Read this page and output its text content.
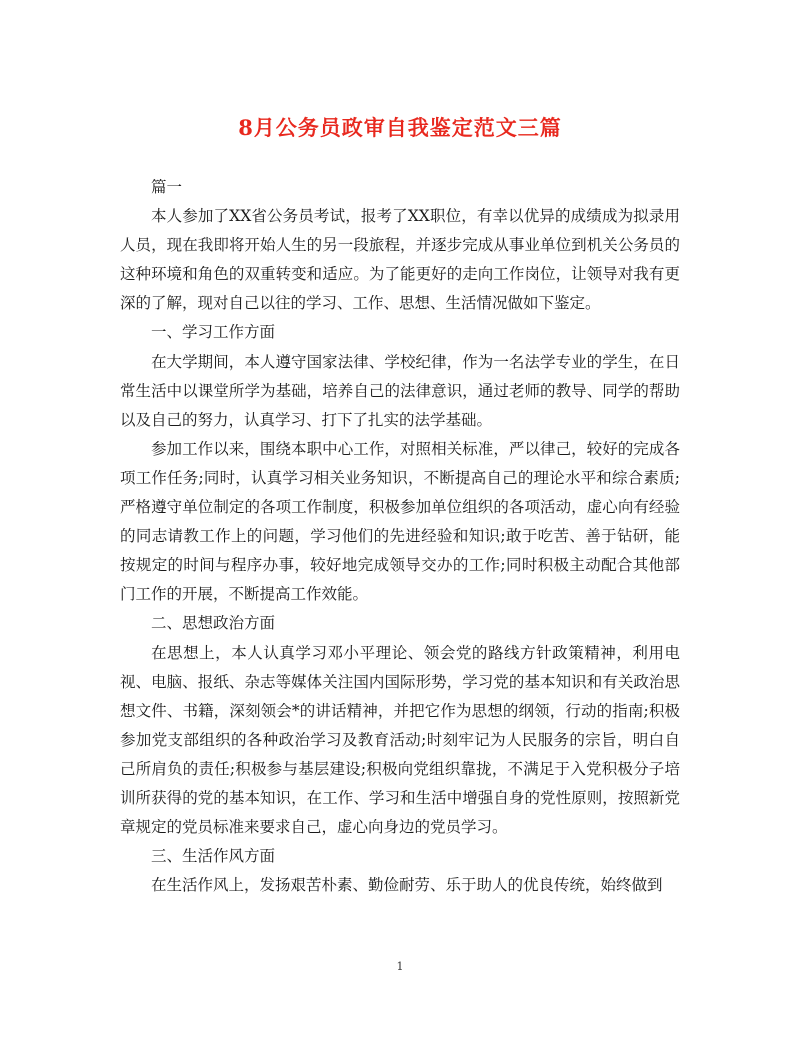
8月公务员政审自我鉴定范文三篇

篇一

本人参加了XX省公务员考试，报考了XX职位，有幸以优异的成绩成为拟录用人员，现在我即将开始人生的另一段旅程，并逐步完成从事业单位到机关公务员的这种环境和角色的双重转变和适应。为了能更好的走向工作岗位，让领导对我有更深的了解，现对自己以往的学习、工作、思想、生活情况做如下鉴定。

一、学习工作方面

在大学期间，本人遵守国家法律、学校纪律，作为一名法学专业的学生，在日常生活中以课堂所学为基础，培养自己的法律意识，通过老师的教导、同学的帮助以及自己的努力，认真学习、打下了扎实的法学基础。

参加工作以来，围绕本职中心工作，对照相关标准，严以律己，较好的完成各项工作任务;同时，认真学习相关业务知识，不断提高自己的理论水平和综合素质;严格遵守单位制定的各项工作制度，积极参加单位组织的各项活动，虚心向有经验的同志请教工作上的问题，学习他们的先进经验和知识;敢于吃苦、善于钻研，能按规定的时间与程序办事，较好地完成领导交办的工作;同时积极主动配合其他部门工作的开展，不断提高工作效能。

二、思想政治方面

在思想上，本人认真学习邓小平理论、领会党的路线方针政策精神，利用电视、电脑、报纸、杂志等媒体关注国内国际形势，学习党的基本知识和有关政治思想文件、书籍，深刻领会*的讲话精神，并把它作为思想的纲领，行动的指南;积极参加党支部组织的各种政治学习及教育活动;时刻牢记为人民服务的宗旨，明白自己所肩负的责任;积极参与基层建设;积极向党组织靠拢，不满足于入党积极分子培训所获得的党的基本知识，在工作、学习和生活中增强自身的党性原则，按照新党章规定的党员标准来要求自己，虚心向身边的党员学习。

三、生活作风方面

在生活作风上，发扬艰苦朴素、勤俭耐劳、乐于助人的优良传统，始终做到

1
